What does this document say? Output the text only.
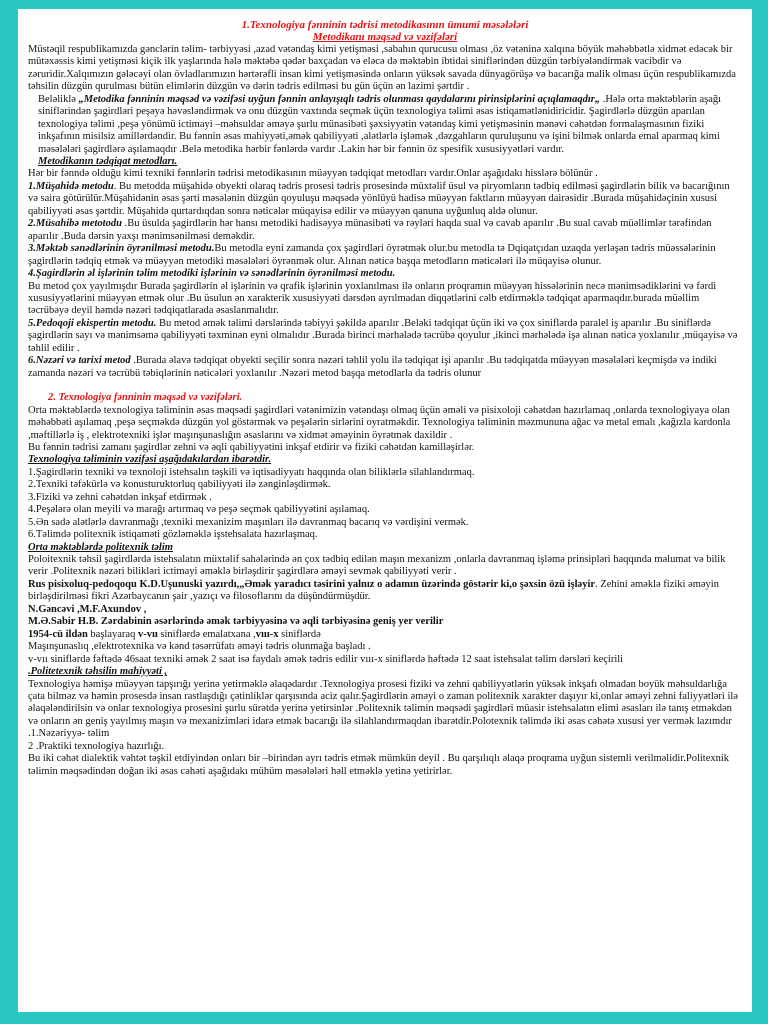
1.Texnologiya fənninin tədrisi metodikasının ümumi məsələləri

Metodikanı məqsəd və vəzifələri

Müstəqil respublikamızda gənclərin təlim- tərbiyyəsi ,azad vətəndaş kimi yetişməsi ,sabahın qurucusu olması ,öz vətəninə xalqına böyük məhəbbətlə xidmət edəcək bir mütəxəssis kimi yetişməsi kiçik ilk yaşlarında hələ məktəbə qədər baxçadan və eləcə də məktəbin ibtidai siniflərindən düzgün tərbiyələndirmək vacibdir və zəruridir.Xalqımızın gələcəyi olan övladlarımızın hərtərəfli insan kimi yetişməsində onların yüksək savada dünyagörüşə və bacarığa malik olması üçün respublikamızda təhsilin düzgün qurulması bütün elimlərin düzgün və dərin tədris edilməsi bu gün üçün ən lazimi şərtdir .

Beləliklə „Metodika fənninin məqsəd və vəzifəsi uyğun fənnin anlayışıqlı tədris olunması qaydalarını pirinsiplərini açıqlamaqdır„ .Hələ orta məktəblərin aşağı siniflərindən şagirdləri peşəyə həvəsləndirmək və onu düzgün vaxtında seçmək üçün texnologiya təlimi əsas istiqamətlənidiricidir. Şagirdlərlə düzgün aparılan texnologiya təlimi ,peşə yönümü ictimayi –məhsuldar əməyə şurlu münasibəti şəxsiyyətin vətəndaş kimi yetişməsinin mənəvi cəhətdən formalaşmasının fiziki inkşafının misilsiz amillərdəndir. Bu fənnin əsas mahiyyəti,əmək qabiliyyəti ,alətlərlə işləmək ,dəzgahların quruluşunu və işini bilmək onlarda emal aparmaq kimi məsələləri şagirdlərə aşılamaqdır .Belə metodika hərbir fənlərdə vardır .Lakin hər bir fənnin öz spesifik xususiyyətləri vardır.

Metodikanın tədqiqat metodları.

Hər bir fənndə olduğu kimi texniki fənnlərin tədrisi metodikasının müəyyən tədqiqat metodları vardır.Onlar aşağıdakı hisslərə bölünür .

1.Müşahidə metodu. Bu metodda müşahidə obyekti olaraq tədris prosesi tədris prosesində müxtəlif üsul və piryomların tədbiq edilməsi şagirdlərin bilik və bacarığının və saira götürülür.Müşahidənin əsas şərti məsələnin düzgün qoyuluşu məqsədə yönlüyü hadisə müəyyən faktların müəyyən dairəsidir .Burada müşahidəçinin xususi qabiliyyəti əsas şərtdir. Müşahidə qurtardıqdan sonra nəticələr müqayisə edilir və müəyyən qanuna uyğunluq aldə olunur.

2.Müsahibə metotodu .Bu üsulda şagirdlərin hər hansı metodiki hadisəyyə münasibəti və rəyləri haqda sual və cavab aparılır .Bu sual cavab müəllimlər tərəfindən aparılır .Buda dərsin yaxşı mənimsənilməsi deməkdir.

3.Məktəb sənədlərinin öyrənilməsi metodu.Bu metodla eyni zamanda çox şagirdləri öyrətmək olur.bu metodla tə Dqiqatçıdan uzaqda yerləşən tədris müəssələrinin şagirdlərin tədqiq etmək və müəyyən metodiki məsələləri öyrənmək olur. Alınan nəticə başqa metodların məticələri ilə müqayisə olunur.

4.Şagirdlərin əl işlərinin təlim metodiki işlərinin və sənədlərinin öyrənilməsi metodu.

Bu metod çox yayılmışdır Burada şagirdlərin əl işlərinin və qrafik işlərinin yoxlanılması ilə onların proqramın müəyyən hissələrinin necə mənimsədiklərini və fərdi xususiyyətlərini müəyyən etmək olur .Bu üsulun ən xarakterik xususiyyəti dərsdən ayrılmadan diqqətlərini cəlb etdirməklə tədqiqat aparmaqdır.burada müəllim təcrübəyə deyil həmdə nəzəri tədqiqatlarada əsaslanmalıdır.

5.Pedoqoji ekispertin metodu. Bu metod əmək təlimi dərslərində təbiyyi şəkildə aparılır .Beləki tədqiqat üçün iki və çox siniflərdə paralel iş aparılır .Bu siniflərdə şagirdlərin sayı və mənimsəmə qabiliyyəti təxminən eyni olmalıdır .Burada birinci mərhələdə təcrübə qoyulur ,ikinci mərhələdə işə alınan nəticə yoxlanılır ,müqayisə və təhlil edilir .

6.Nəzəri və tarixi metod .Burada əlavə tədqiqat obyekti seçilir sonra nəzəri təhlil yolu ilə tədqiqat işi aparılır .Bu tədqiqatda müəyyən məsələləri keçmişdə və indiki zamanda nəzəri və təcrübü təbiqlərinin nəticələri yoxlanılır .Nəzəri metod başqa metodlarla da tədris olunur

2. Texnologiya fənninin məqsəd və vəzifələri.

Orta məktəblərdə texnologiya təliminin əsas məqsədi şagirdləri vətənimizin vətəndaşı olmaq üçün əməli və pisixoloji cəhətdən hazırlamaq ,onlarda texnologiyaya olan məhəbbəti aşılamaq ,peşə seçməkdə düzgün yol göstərmək və peşələrin sirlərini oyratməkdir. Texnologiya təliminin məzmununa ağac və metal emalı ,kağızla kardonla ,məftillərlə iş , elektrotexniki işlər maşınşunaslığın əsaslarını və xidmət əməyinin öyrətmək daxildir .

Bu fənnin tədrisi zamanı şagirdlər zehni və əqli qabiliyyətini inkşaf etdirir və fiziki cəhətdən kamilləşirlər.

Texnologiya təliminin vəzifəsi aşağıdakılardan ibarətdir.

1.Şagirdlərin texniki və texnoloji istehsalın təşkili və iqtisadiyyatı haqqında olan biliklərlə silahlandırmaq.

2.Texniki təfəkürlə və konusturuktorluq qabiliyyəti ilə zənginləşdirmək.

3.Fiziki və zehni cəhətdən inkşaf etdirmək .

4.Peşələrə olan meyili və marağı artırmaq və peşə seçmək qabiliyyətini aşılamaq.

5.Ən sadə alətlərlə davranmağı ,texniki mexanizim maşınları ilə davranmaq bacarıq və vərdişini vermək.

6.Təlimdə politexnik istiqaməti gözləməklə işstehsalata hazırlaşmaq.

Orta məktəblərdə politexnik təlim

Poloitexnik təhsil şagirdlərdə istehsalatın müxtəlif sahələrində ən çox tədbiq edilən maşın mexanizm ,onlarla davranmaq işləmə prinsipləri haqqında məlumat və bilik verir .Politexnik nəzəri bilikləri ictimayi əməklə birləşdirir şagirdlərə əməyi sevmək qabiliyyəti verir .

Rus pisixoluq-pedoqoqu K.D.Uşunuski yazırdı,„Əmək yaradıcı təsirini yalnız o adamın üzərində göstərir ki,o şəxsin özü işləyir. Zehini əməklə fiziki əməyin birləşdirilməsi fikri Azərbaycanın şair ,yazıçı və filosoflarını da düşündürmüşdür.

N.Gəncəvi ,M.F.Axundov ,

M.Ə.Sabir H.B. Zərdabinin əsərlərində əmək tərbiyyəsinə və əqli tərbiyəsinə geniş yer verilir

1954-cü ildən başlayaraq v-vıı siniflərdə emalatxana ,vııı-x siniflərdə

Maşınşunaslıq ,elektrotexnika və kənd təsərrüfatı əməyi tədris olunmağa başladı .

v-vıı siniflərdə fəftədə 46saat texniki əmək 2 saat isə faydalı əmək tədris edilir vııı-x siniflərdə həftədə 12 saat istehsalat təlim dərsləri keçirili

.Politetexnik təhsilin mahiyyəti ,

Texnologiya həmişə müəyyən tapşırığı yerinə yetirməklə əlaqədardır .Texnologiya prosesi fiziki və zehni qabiliyyətlərin yüksək inkşafı olmadan boyük məhsuldarlığa çata bilməz və həmin prosesdə insan rastlaşdığı çətinliklər qarşısında aciz qalır.Şagirdlərin əməyi o zaman politexnik xarakter daşıyır ki,onlar əməyi zehni faliyyətləri ilə əlaqələndirilsin və onlar texnologiya prosesini şurlu sürətdə yerinə yetirsinlər .Politexnik təlimin məqsədi şagirdləri müasir istehsalatın elimi əsasları ilə tanış etməkdən və onların ən geniş yayılmış maşın və mexanizimləri idarə etmək bacarığı ilə silahlandırmaqdan ibarətdir.Polotexnik təlimdə iki əsas cəhətə xususi yer vermək lazımdır .1.Nəzəriyyə- təlim

2 .Praktiki texnologiya hazırlığı.

Bu iki cəhət dialektik vəhtət təşkil etdiyindən onları bir –birindən ayrı tədris etmək mümkün deyil . Bu qarşılıqlı əlaqə proqrama uyğun sistemli verilməlidir.Politexnik təlimin məqsədindən doğan iki əsas cəhəti aşağıdakı mühüm məsələləri həll etməklə yetinə yetirirlər.
